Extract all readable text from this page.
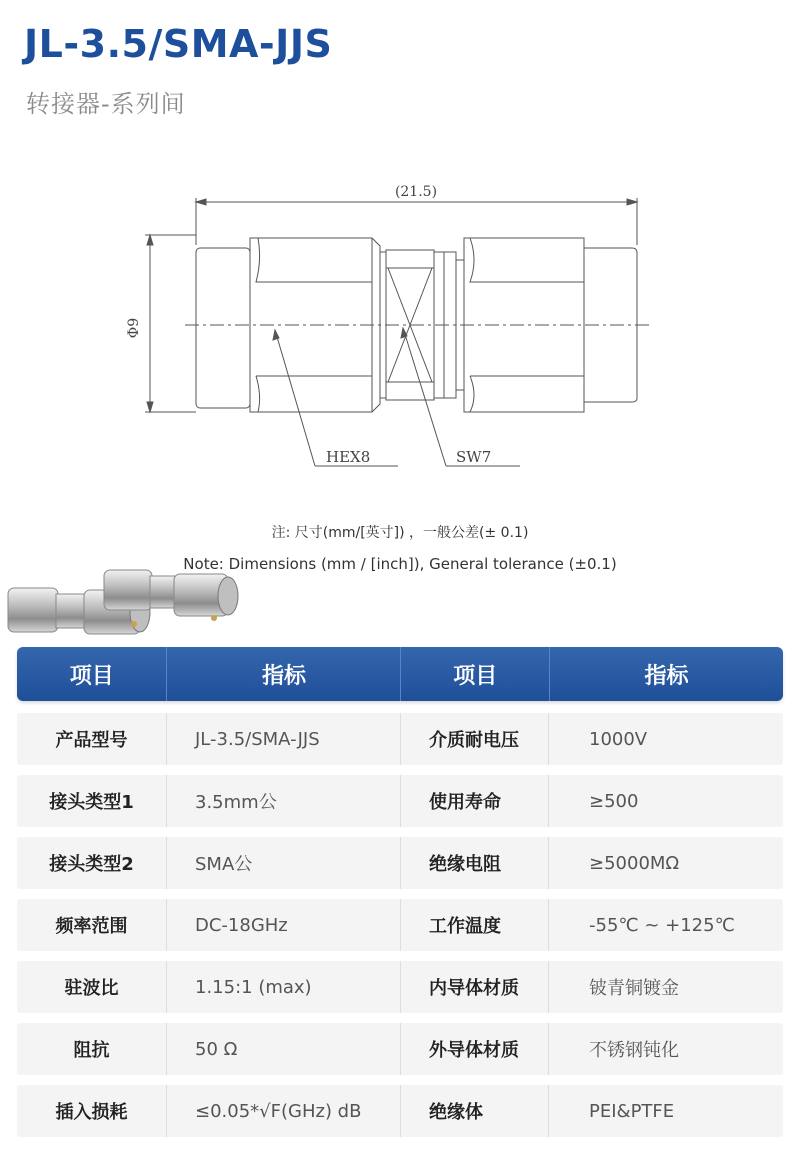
JL-3.5/SMA-JJS
转接器-系列间
(21.5)
Φ9
HEX8	SW7
注: 尺寸(mm/[英寸]) ，一般公差(± 0.1)
Note: Dimensions (mm / [inch]), General tolerance (±0.1)
项目	指标	项目	指标
产品型号	JL-3.5/SMA-JJS	介质耐电压	1000V
接头类型1	3.5mm公	使用寿命	≥500
接头类型2	SMA公	绝缘电阻	≥5000MΩ
频率范围	DC-18GHz	工作温度	-55℃ ~ +125℃
驻波比	1.15:1 (max)	内导体材质	铍青铜镀金
阻抗	50 Ω	外导体材质	不锈钢钝化
插入损耗	≤0.05*√F(GHz) dB	绝缘体	PEI&PTFE
